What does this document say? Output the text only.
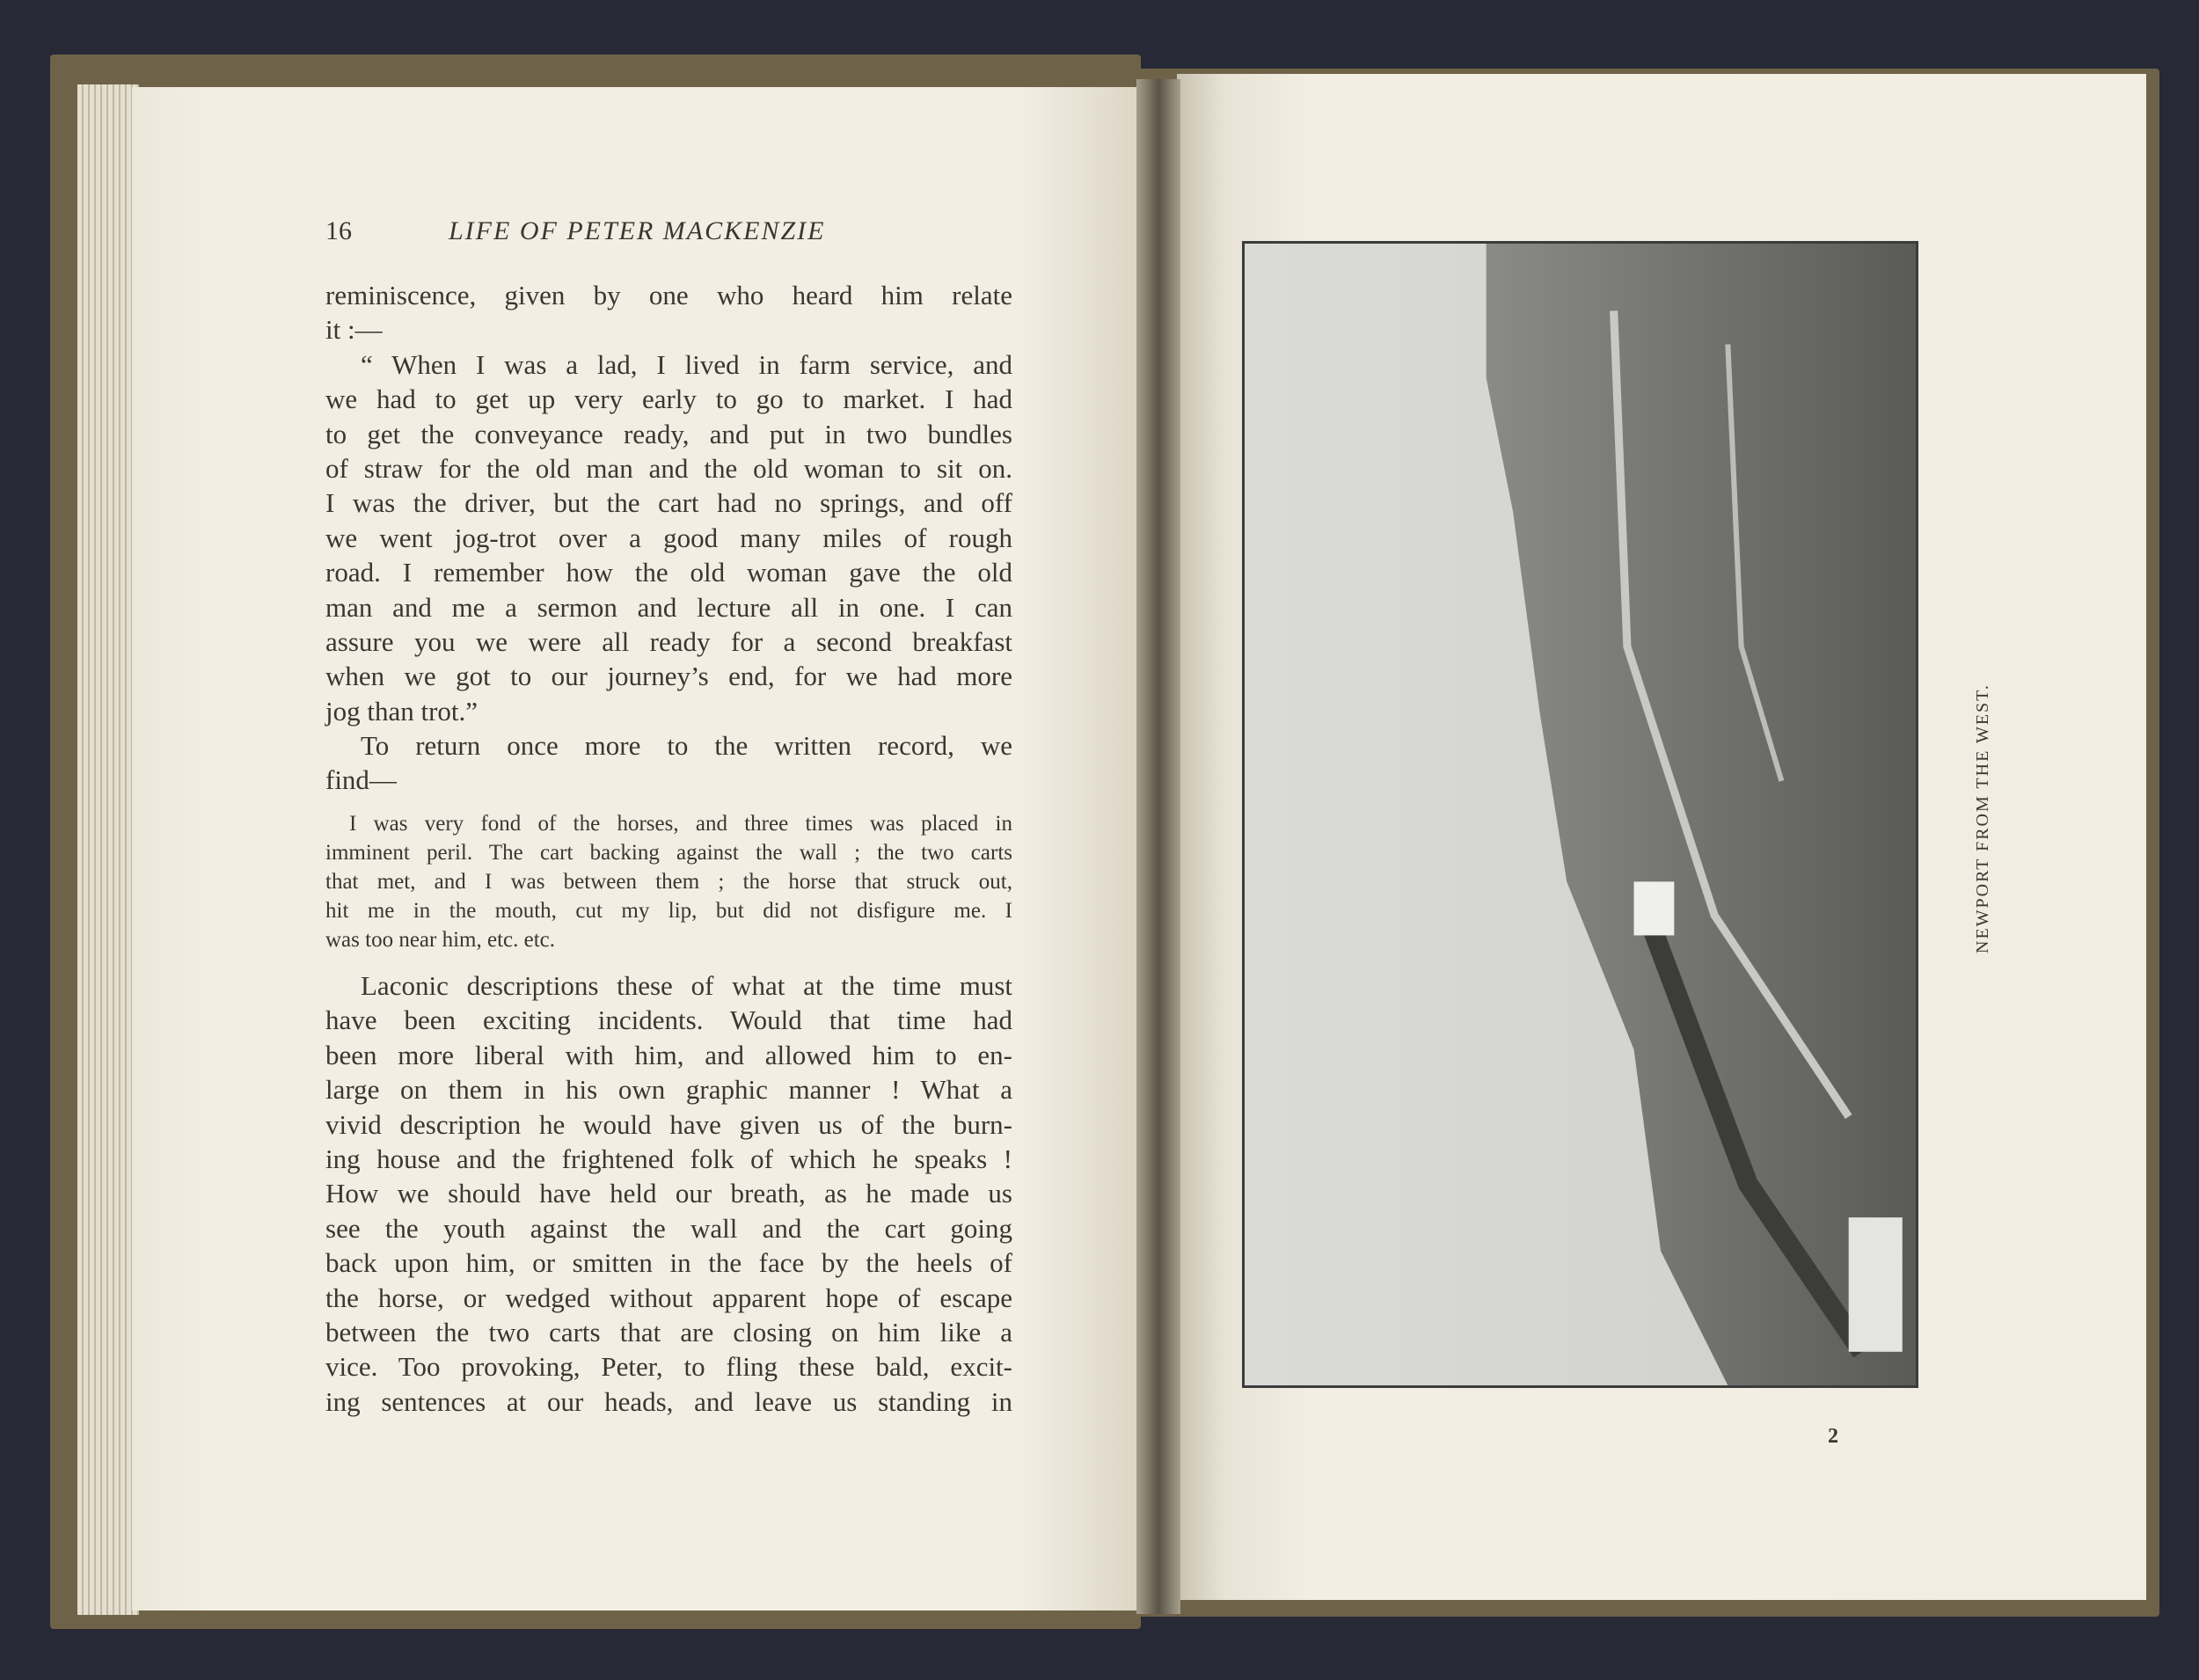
16	LIFE OF PETER MACKENZIE
reminiscence, given by one who heard him relate
it :—
“ When I was a lad, I lived in farm service, and
we had to get up very early to go to market. I had
to get the conveyance ready, and put in two bundles
of straw for the old man and the old woman to sit on.
I was the driver, but the cart had no springs, and off
we went jog-trot over a good many miles of rough
road. I remember how the old woman gave the old
man and me a sermon and lecture all in one. I can
assure you we were all ready for a second breakfast
when we got to our journey’s end, for we had more
jog than trot.”
To return once more to the written record, we
find—
I was very fond of the horses, and three times was placed in
imminent peril. The cart backing against the wall ; the two carts
that met, and I was between them ; the horse that struck out,
hit me in the mouth, cut my lip, but did not disfigure me. I
was too near him, etc. etc.
Laconic descriptions these of what at the time must
have been exciting incidents. Would that time had
been more liberal with him, and allowed him to en-
large on them in his own graphic manner ! What a
vivid description he would have given us of the burn-
ing house and the frightened folk of which he speaks !
How we should have held our breath, as he made us
see the youth against the wall and the cart going
back upon him, or smitten in the face by the heels of
the horse, or wedged without apparent hope of escape
between the two carts that are closing on him like a
vice. Too provoking, Peter, to fling these bald, excit-
ing sentences at our heads, and leave us standing in
NEWPORT FROM THE WEST.
2
